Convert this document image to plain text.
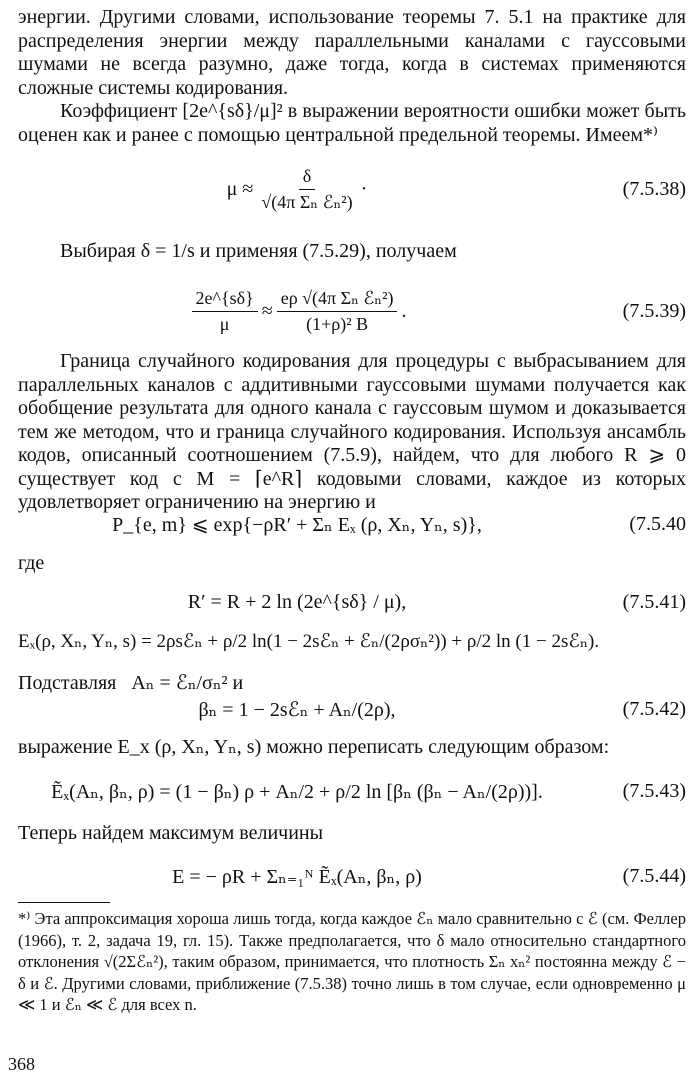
энергии. Другими словами, использование теоремы 7. 5.1 на практике для распределения энергии между параллельными каналами с гауссовыми шумами не всегда разумно, даже тогда, когда в системах применяются сложные системы кодирования.

Коэффициент [2e^{sδ}/μ]² в выражении вероятности ошибки может быть оценен как и ранее с помощью центральной предельной теоремы. Имеем*⁾

$\mu \approx \frac{\delta}{\text{√(4π Σₙ ℰₙ²)}}$ ·	(7.5.38)

Выбирая δ = 1/s и применяя (7.5.29), получаем

$\frac{2e\^{}\{s\delta\}}{\mu} \approx \frac{\text{eρ √(4π Σₙ ℰₙ²)}}{\text{(1+ρ)² B}}$ .	(7.5.39)

Граница случайного кодирования для процедуры с выбрасыванием для параллельных каналов с аддитивными гауссовыми шумами получается как обобщение результата для одного канала с гауссовым шумом и доказывается тем же методом, что и граница случайного кодирования. Используя ансамбль кодов, описанный соотношением (7.5.9), найдем, что для любого R ⩾ 0 существует код с M = ⌈e^R⌉ кодовыми словами, каждое из которых удовлетворяет ограничению на энергию и

P_{e, m} ⩽ exp{−ρR′ + Σₙ Eₓ (ρ, Xₙ, Yₙ, s)},	(7.5.40

где

R′ = R + 2 ln (2e^{sδ} / μ),	(7.5.41)
Eₓ(ρ, Xₙ, Yₙ, s) = 2ρsℰₙ + ρ/2 ln(1 − 2sℰₙ + ℰₙ/(2ρσₙ²)) + ρ/2 ln (1 − 2sℰₙ).
Подставляя Aₙ = ℰₙ/σₙ² и
βₙ = 1 − 2sℰₙ + Aₙ/(2ρ),	(7.5.42)

выражение E_x (ρ, Xₙ, Yₙ, s) можно переписать следующим образом:

Ẽₓ(Aₙ, βₙ, ρ) = (1 − βₙ) ρ + Aₙ/2 + ρ/2 ln [βₙ (βₙ − Aₙ/(2ρ))].	(7.5.43)

Теперь найдем максимум величины

E = − ρR + Σₙ₌₁ᴺ Ẽₓ(Aₙ, βₙ, ρ)	(7.5.44)

*⁾ Эта аппроксимация хороша лишь тогда, когда каждое ℰₙ мало сравнительно с ℰ (см. Феллер (1966), т. 2, задача 19, гл. 15). Также предполагается, что δ мало относительно стандартного отклонения √(2Σℰₙ²), таким образом, принимается, что плотность Σₙ xₙ² постоянна между ℰ − δ и ℰ. Другими словами, приближение (7.5.38) точно лишь в том случае, если одновременно μ ≪ 1 и ℰₙ ≪ ℰ для всех n.

368
